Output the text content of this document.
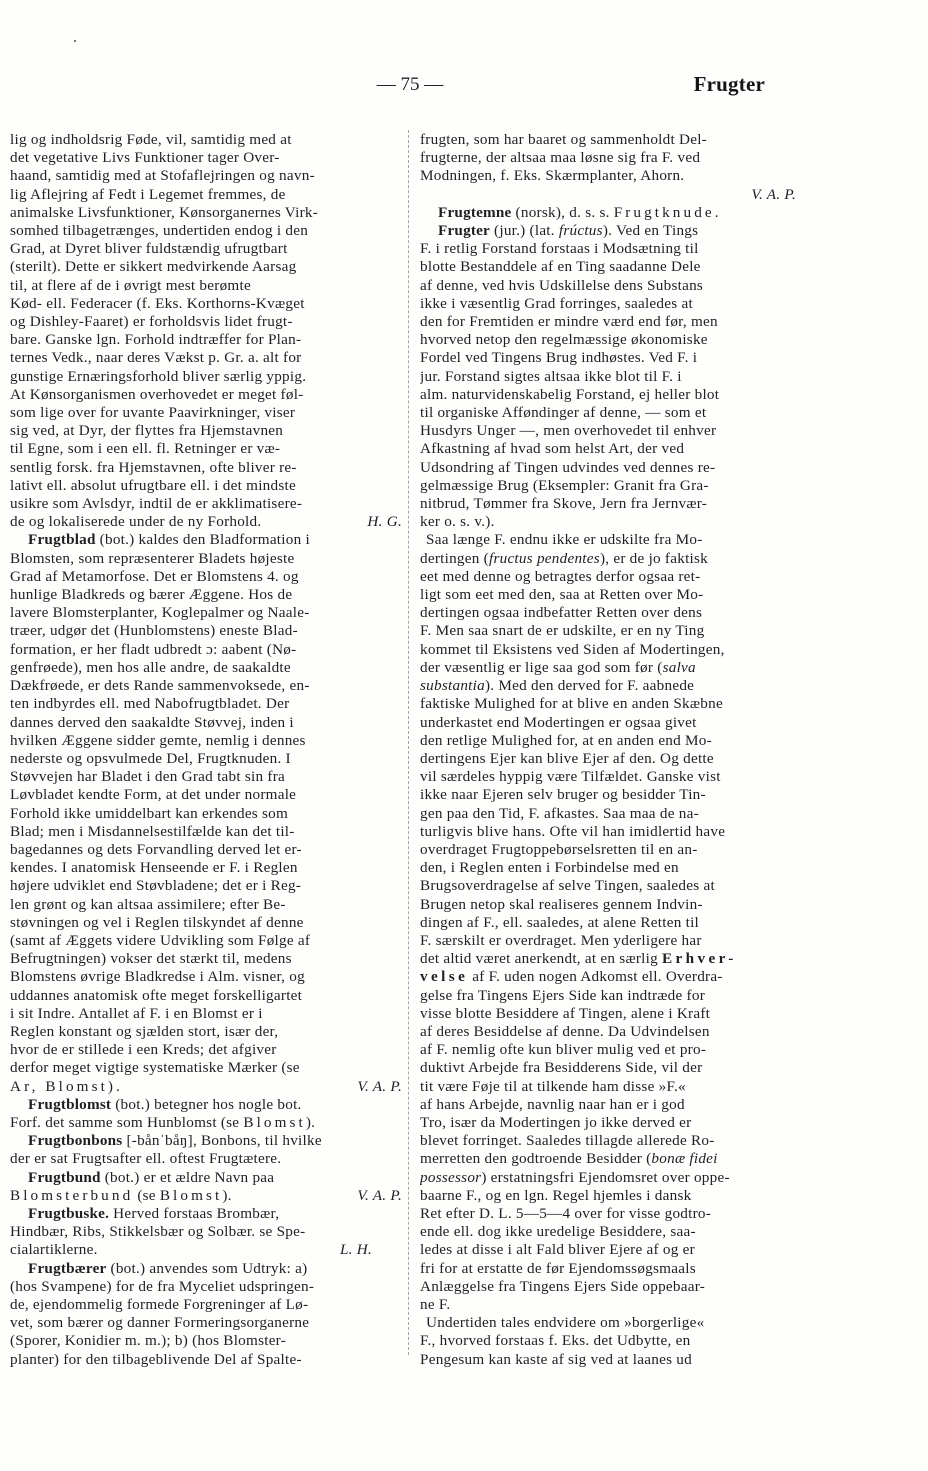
— 75 —	Frugter
lig og indholdsrig Føde, vil, samtidig med at
det vegetative Livs Funktioner tager Over-
haand, samtidig med at Stofaflejringen og navn-
lig Aflejring af Fedt i Legemet fremmes, de
animalske Livsfunktioner, Kønsorganernes Virk-
somhed tilbagetrænges, undertiden endog i den
Grad, at Dyret bliver fuldstændig ufrugtbart
(sterilt). Dette er sikkert medvirkende Aarsag
til, at flere af de i øvrigt mest berømte
Kød- ell. Federacer (f. Eks. Korthorns-Kvæget
og Dishley-Faaret) er forholdsvis lidet frugt-
bare. Ganske lgn. Forhold indtræffer for Plan-
ternes Vedk., naar deres Vækst p. Gr. a. alt for
gunstige Ernæringsforhold bliver særlig yppig.
At Kønsorganismen overhovedet er meget føl-
som lige over for uvante Paavirkninger, viser
sig ved, at Dyr, der flyttes fra Hjemstavnen
til Egne, som i een ell. fl. Retninger er væ-
sentlig forsk. fra Hjemstavnen, ofte bliver re-
lativt ell. absolut ufrugtbare ell. i det mindste
usikre som Avlsdyr, indtil de er akklimatisere-
de og lokaliserede under de ny Forhold.	H. G.
Frugtblad (bot.) kaldes den Bladformation i
Blomsten, som repræsenterer Bladets højeste
Grad af Metamorfose. Det er Blomstens 4. og
hunlige Bladkreds og bærer Æggene. Hos de
lavere Blomsterplanter, Koglepalmer og Naale-
træer, udgør det (Hunblomstens) eneste Blad-
formation, er her fladt udbredt ɔ: aabent (Nø-
genfrøede), men hos alle andre, de saakaldte
Dækfrøede, er dets Rande sammenvoksede, en-
ten indbyrdes ell. med Nabofrugtbladet. Der
dannes derved den saakaldte Støvvej, inden i
hvilken Æggene sidder gemte, nemlig i dennes
nederste og opsvulmede Del, Frugtknuden. I
Støvvejen har Bladet i den Grad tabt sin fra
Løvbladet kendte Form, at det under normale
Forhold ikke umiddelbart kan erkendes som
Blad; men i Misdannelsestilfælde kan det til-
bagedannes og dets Forvandling derved let er-
kendes. I anatomisk Henseende er F. i Reglen
højere udviklet end Støvbladene; det er i Reg-
len grønt og kan altsaa assimilere; efter Be-
støvningen og vel i Reglen tilskyndet af denne
(samt af Æggets videre Udvikling som Følge af
Befrugtningen) vokser det stærkt til, medens
Blomstens øvrige Bladkredse i Alm. visner, og
uddannes anatomisk ofte meget forskelligartet
i sit Indre. Antallet af F. i en Blomst er i
Reglen konstant og sjælden stort, især der,
hvor de er stillede i een Kreds; det afgiver
derfor meget vigtige systematiske Mærker (se
Ar, Blomst).	V. A. P.
Frugtblomst (bot.) betegner hos nogle bot.
Forf. det samme som Hunblomst (se Blomst).
Frugtbonbons [-bånˈbåŋ], Bonbons, til hvilke
der er sat Frugtsafter ell. oftest Frugtætere.
Frugtbund (bot.) er et ældre Navn paa
Blomsterbund (se Blomst).	V. A. P.
Frugtbuske. Herved forstaas Brombær,
Hindbær, Ribs, Stikkelsbær og Solbær. se Spe-
cialartiklerne.	L. H.
Frugtbærer (bot.) anvendes som Udtryk: a)
(hos Svampene) for de fra Myceliet udspringen-
de, ejendommelig formede Forgreninger af Lø-
vet, som bærer og danner Formeringsorganerne
(Sporer, Konidier m. m.); b) (hos Blomster-
planter) for den tilbageblivende Del af Spalte-
frugten, som har baaret og sammenholdt Del-
frugterne, der altsaa maa løsne sig fra F. ved
Modningen, f. Eks. Skærmplanter, Ahorn.
V. A. P.
Frugtemne (norsk), d. s. s. Frugtknude.
Frugter (jur.) (lat. frúctus). Ved en Tings
F. i retlig Forstand forstaas i Modsætning til
blotte Bestanddele af en Ting saadanne Dele
af denne, ved hvis Udskillelse dens Substans
ikke i væsentlig Grad forringes, saaledes at
den for Fremtiden er mindre værd end før, men
hvorved netop den regelmæssige økonomiske
Fordel ved Tingens Brug indhøstes. Ved F. i
jur. Forstand sigtes altsaa ikke blot til F. i
alm. naturvidenskabelig Forstand, ej heller blot
til organiske Afføndinger af denne, — som et
Husdyrs Unger —, men overhovedet til enhver
Afkastning af hvad som helst Art, der ved
Udsondring af Tingen udvindes ved dennes re-
gelmæssige Brug (Eksempler: Granit fra Gra-
nitbrud, Tømmer fra Skove, Jern fra Jernvær-
ker o. s. v.).
Saa længe F. endnu ikke er udskilte fra Mo-
dertingen (fructus pendentes), er de jo faktisk
eet med denne og betragtes derfor ogsaa ret-
ligt som eet med den, saa at Retten over Mo-
dertingen ogsaa indbefatter Retten over dens
F. Men saa snart de er udskilte, er en ny Ting
kommet til Eksistens ved Siden af Modertingen,
der væsentlig er lige saa god som før (salva
substantia). Med den derved for F. aabnede
faktiske Mulighed for at blive en anden Skæbne
underkastet end Modertingen er ogsaa givet
den retlige Mulighed for, at en anden end Mo-
dertingens Ejer kan blive Ejer af den. Og dette
vil særdeles hyppig være Tilfældet. Ganske vist
ikke naar Ejeren selv bruger og besidder Tin-
gen paa den Tid, F. afkastes. Saa maa de na-
turligvis blive hans. Ofte vil han imidlertid have
overdraget Frugtoppebørselsretten til en an-
den, i Reglen enten i Forbindelse med en
Brugsoverdragelse af selve Tingen, saaledes at
Brugen netop skal realiseres gennem Indvin-
dingen af F., ell. saaledes, at alene Retten til
F. særskilt er overdraget. Men yderligere har
det altid været anerkendt, at en særlig Erhver-
velse af F. uden nogen Adkomst ell. Overdra-
gelse fra Tingens Ejers Side kan indtræde for
visse blotte Besiddere af Tingen, alene i Kraft
af deres Besiddelse af denne. Da Udvindelsen
af F. nemlig ofte kun bliver mulig ved et pro-
duktivt Arbejde fra Besidderens Side, vil der
tit være Føje til at tilkende ham disse »F.«
af hans Arbejde, navnlig naar han er i god
Tro, især da Modertingen jo ikke derved er
blevet forringet. Saaledes tillagde allerede Ro-
merretten den godtroende Besidder (bonæ fidei
possessor) erstatningsfri Ejendomsret over oppe-
baarne F., og en lgn. Regel hjemles i dansk
Ret efter D. L. 5—5—4 over for visse godtro-
ende ell. dog ikke uredelige Besiddere, saa-
ledes at disse i alt Fald bliver Ejere af og er
fri for at erstatte de før Ejendomssøgsmaals
Anlæggelse fra Tingens Ejers Side oppebaar-
ne F.
Undertiden tales endvidere om »borgerlige«
F., hvorved forstaas f. Eks. det Udbytte, en
Pengesum kan kaste af sig ved at laanes ud
